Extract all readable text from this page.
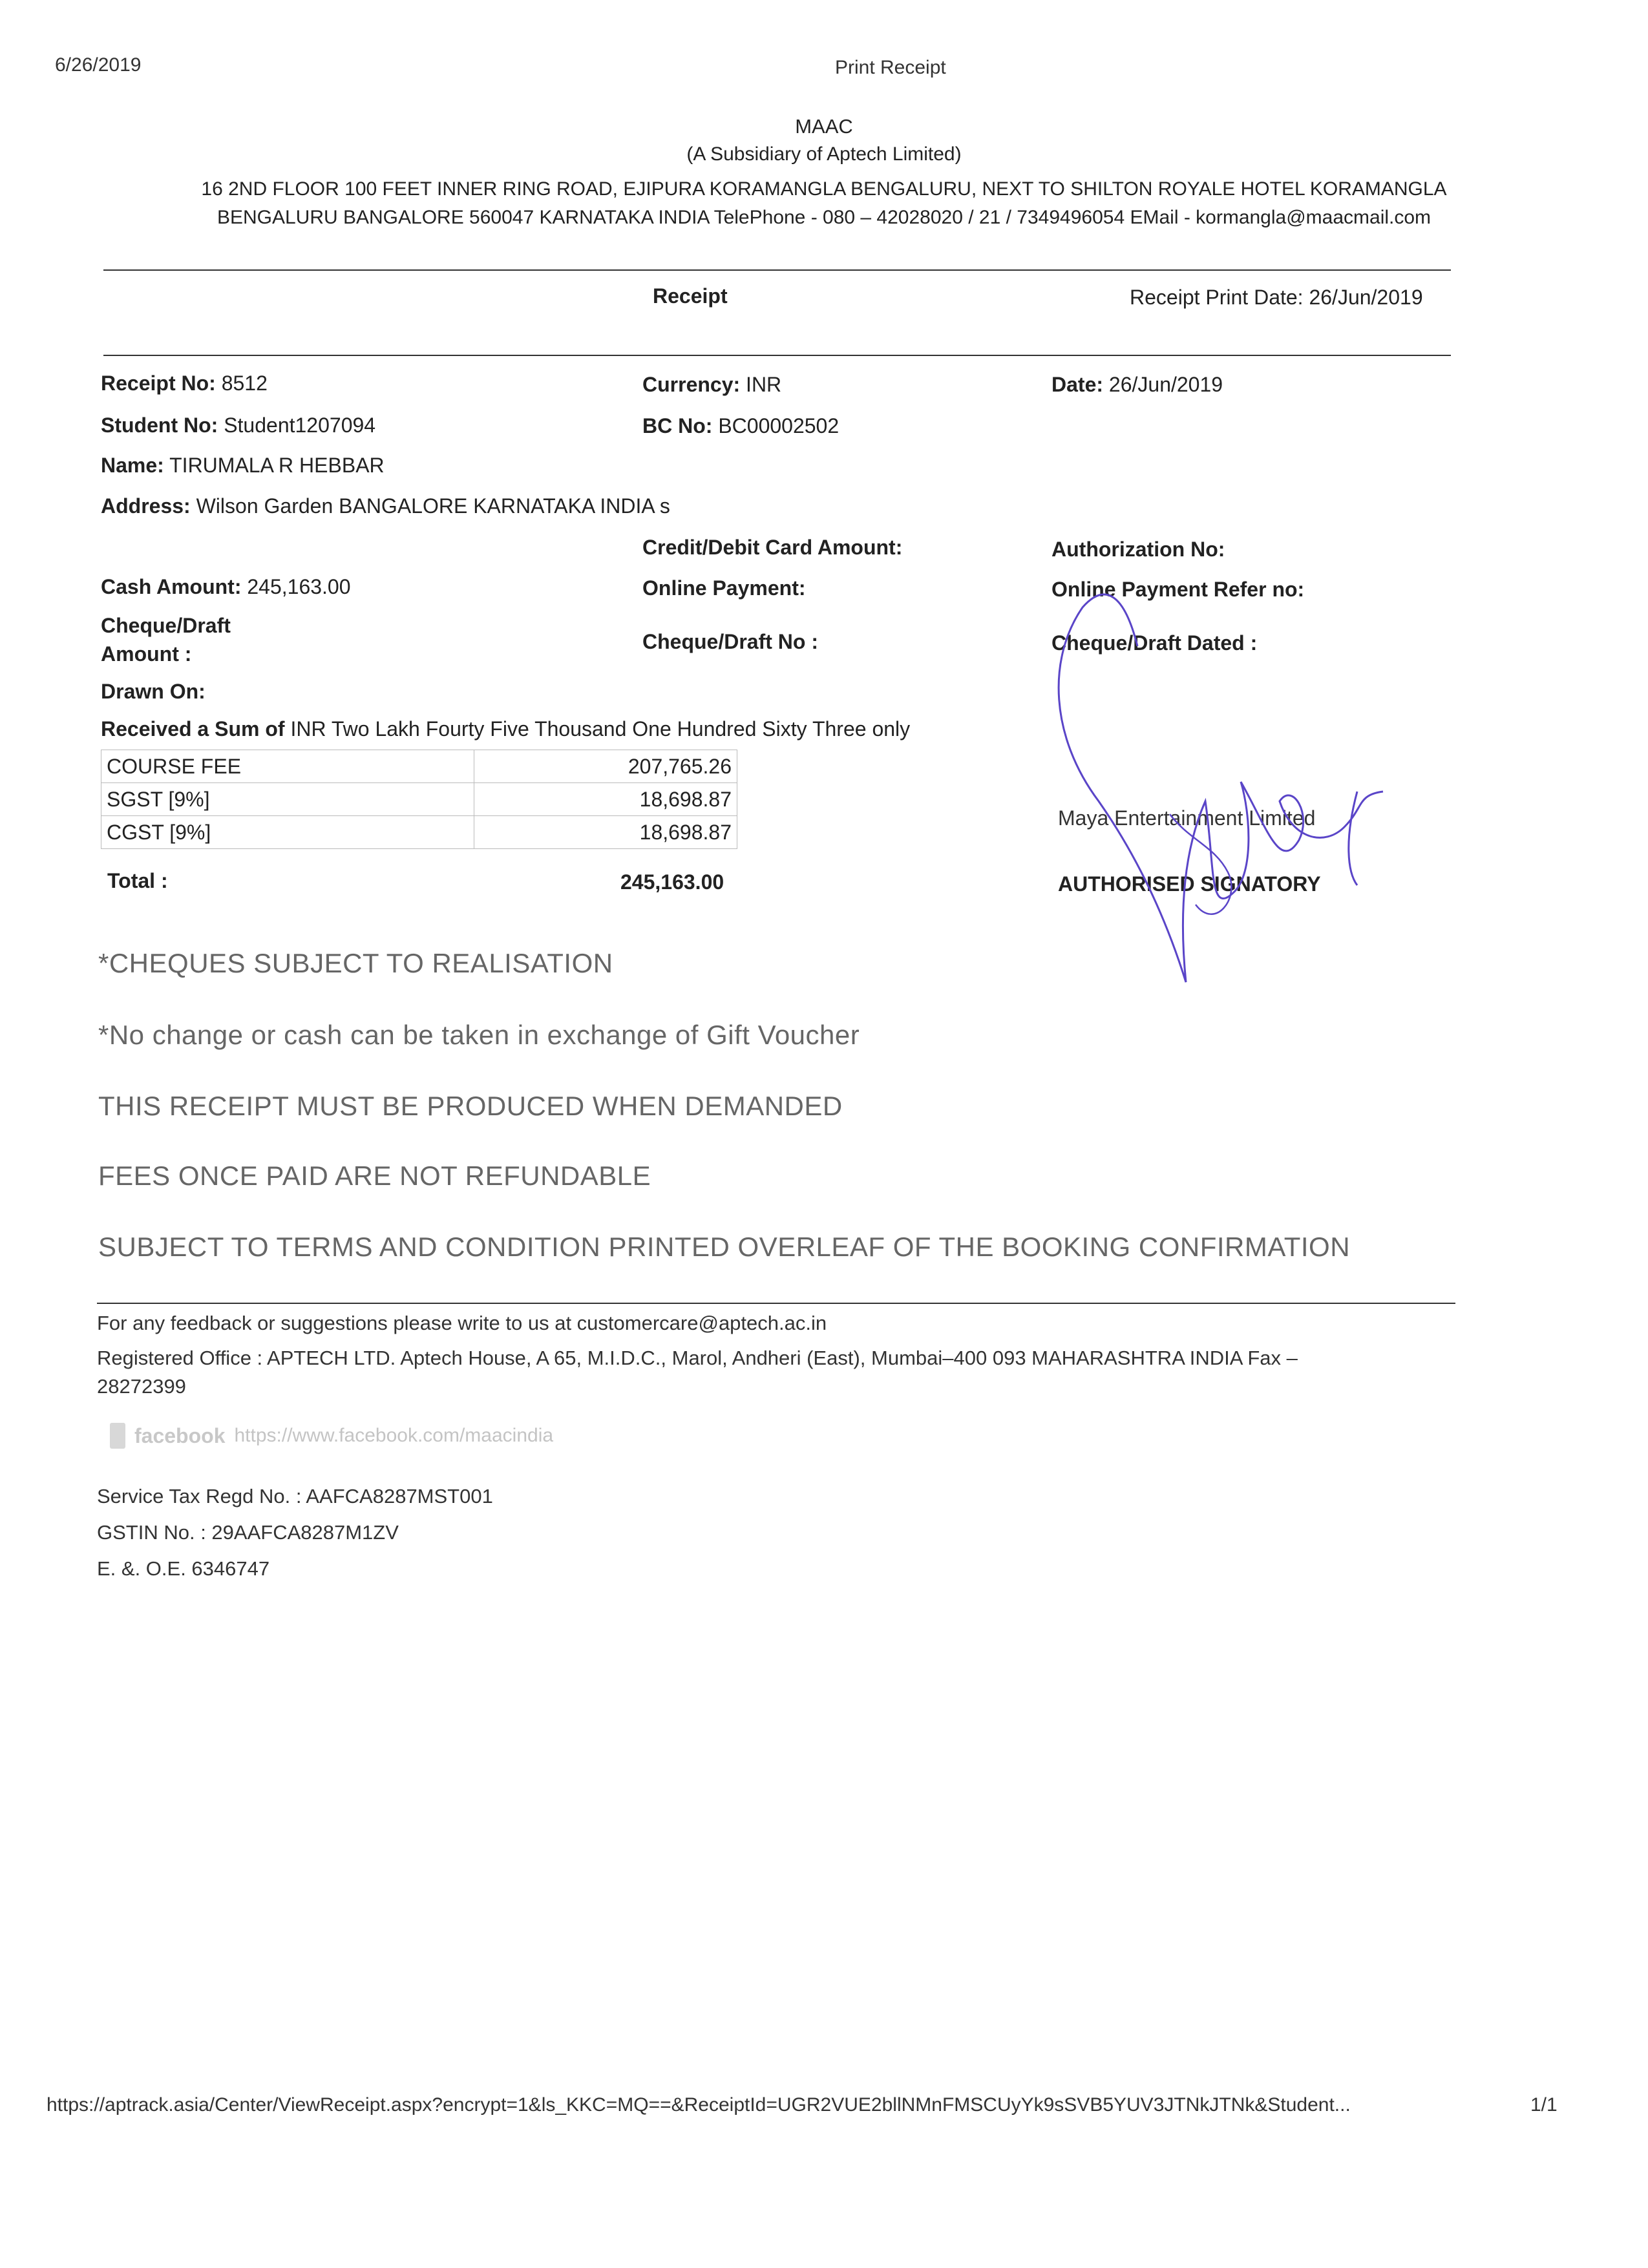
6/26/2019	Print Receipt
MAAC
(A Subsidiary of Aptech Limited)
16 2ND FLOOR 100 FEET INNER RING ROAD, EJIPURA KORAMANGLA BENGALURU, NEXT TO SHILTON ROYALE HOTEL KORAMANGLA
BENGALURU BANGALORE 560047 KARNATAKA INDIA TelePhone - 080 – 42028020 / 21 / 7349496054 EMail - kormangla@maacmail.com
Receipt	Receipt Print Date: 26/Jun/2019
Receipt No: 8512	Currency: INR	Date: 26/Jun/2019
Student No: Student1207094	BC No: BC00002502
Name: TIRUMALA R HEBBAR
Address: Wilson Garden BANGALORE KARNATAKA INDIA s
Credit/Debit Card Amount:	Authorization No:
Cash Amount: 245,163.00	Online Payment:	Online Payment Refer no:
Cheque/Draft
Amount :
Cheque/Draft No :	Cheque/Draft Dated :
Drawn On:
Received a Sum of INR Two Lakh Fourty Five Thousand One Hundred Sixty Three only
COURSE FEE	207,765.26
SGST [9%]	18,698.87
CGST [9%]	18,698.87
Total :	245,163.00
Maya Entertainment Limited
AUTHORISED SIGNATORY
*CHEQUES SUBJECT TO REALISATION
*No change or cash can be taken in exchange of Gift Voucher
THIS RECEIPT MUST BE PRODUCED WHEN DEMANDED
FEES ONCE PAID ARE NOT REFUNDABLE
SUBJECT TO TERMS AND CONDITION PRINTED OVERLEAF OF THE BOOKING CONFIRMATION
For any feedback or suggestions please write to us at customercare@aptech.ac.in
Registered Office : APTECH LTD. Aptech House, A 65, M.I.D.C., Marol, Andheri (East), Mumbai–400 093 MAHARASHTRA INDIA Fax –
28272399
facebook https://www.facebook.com/maacindia
Service Tax Regd No. : AAFCA8287MST001
GSTIN No. : 29AAFCA8287M1ZV
E. &. O.E. 6346747
https://aptrack.asia/Center/ViewReceipt.aspx?encrypt=1&ls_KKC=MQ==&ReceiptId=UGR2VUE2bllNMnFMSCUyYk9sSVB5YUV3JTNkJTNk&Student...	1/1
